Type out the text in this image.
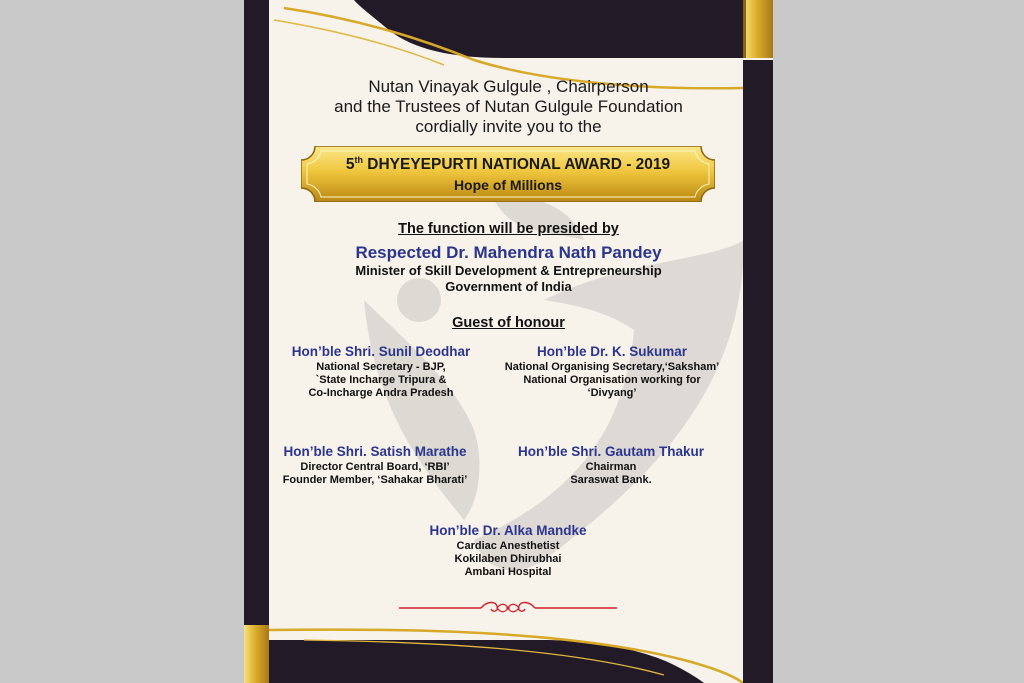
Nutan Vinayak Gulgule , Chairperson

and the Trustees of Nutan Gulgule Foundation

cordially invite you to the

5th DHYEYEPURTI NATIONAL AWARD - 2019
Hope of Millions

The function will be presided by

Respected Dr. Mahendra Nath Pandey

Minister of Skill Development & Entrepreneurship

Government of India

Guest of honour

Hon’ble Shri. Sunil Deodhar

National Secretary - BJP,

`State Incharge Tripura &

Co-Incharge Andra Pradesh

Hon’ble Dr. K. Sukumar

National Organising Secretary,‘Saksham’

National Organisation working for

‘Divyang’

Hon’ble Shri. Satish Marathe

Director Central Board, ‘RBI’

Founder Member, ‘Sahakar Bharati’

Hon’ble Shri. Gautam Thakur

Chairman

Saraswat Bank.

Hon’ble Dr. Alka Mandke

Cardiac Anesthetist

Kokilaben Dhirubhai

Ambani Hospital
